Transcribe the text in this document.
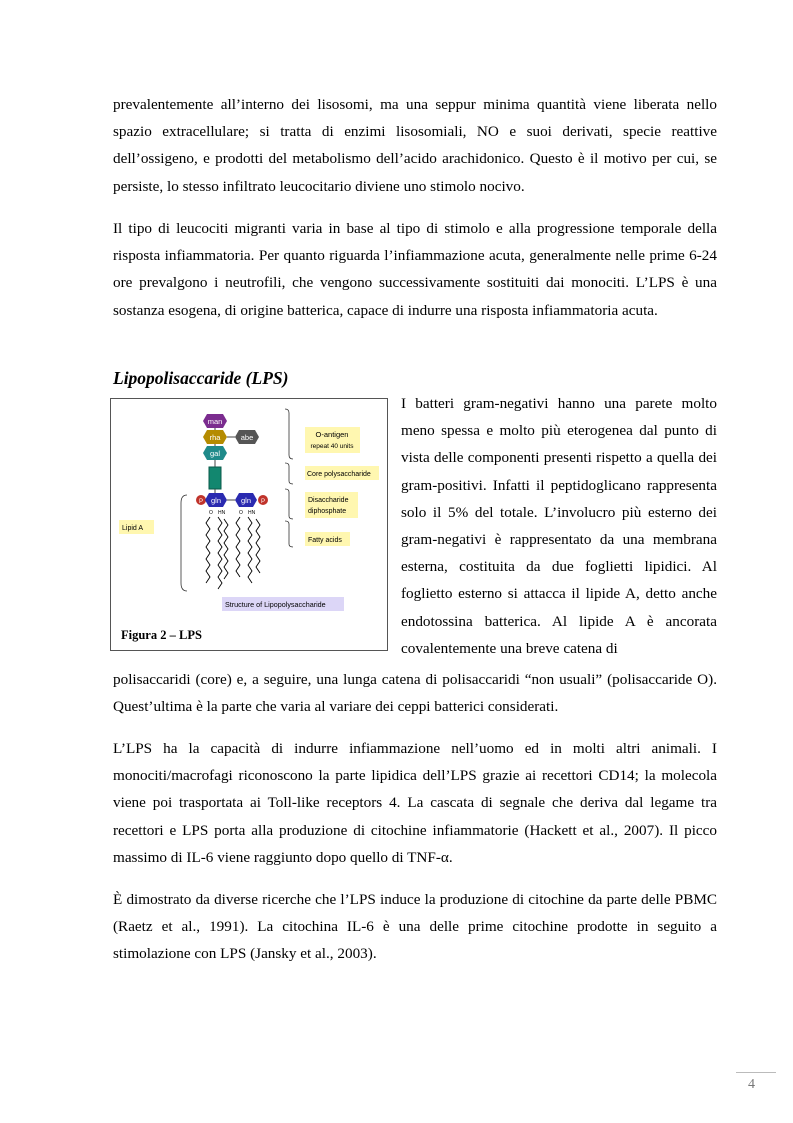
prevalentemente all’interno dei lisosomi, ma una seppur minima quantità viene liberata nello spazio extracellulare; si tratta di enzimi lisosomiali, NO e suoi derivati, specie reattive dell’ossigeno, e prodotti del metabolismo dell’acido arachidonico. Questo è il motivo per cui, se persiste, lo stesso infiltrato leucocitario diviene uno stimolo nocivo.

Il tipo di leucociti migranti varia in base al tipo di stimolo e alla progressione temporale della risposta infiammatoria. Per quanto riguarda l’infiammazione acuta, generalmente nelle prime 6-24 ore prevalgono i neutrofili, che vengono successivamente sostituiti dai monociti. L’LPS è una sostanza esogena, di origine batterica, capace di indurre una risposta infiammatoria acuta.

Lipopolisaccaride (LPS)
man
rha	abe
gal
P gln	gln P
O HN	O HN
O-antigen
repeat 40 units
Core polysaccharide
Disaccharide
diphosphate
Fatty acids
Lipid A
Structure of Lipopolysaccharide
Figura 2 – LPS

I batteri gram-negativi hanno una parete molto meno spessa e molto più eterogenea dal punto di vista delle componenti presenti rispetto a quella dei gram-positivi. Infatti il peptidoglicano rappresenta solo il 5% del totale. L’involucro più esterno dei gram-negativi è rappresentato da una membrana esterna, costituita da due foglietti lipidici. Al foglietto esterno si attacca il lipide A, detto anche endotossina batterica. Al lipide A è ancorata covalentemente una breve catena di

polisaccaridi (core) e, a seguire, una lunga catena di polisaccaridi “non usuali” (polisaccaride O). Quest’ultima è la parte che varia al variare dei ceppi batterici considerati.

L’LPS ha la capacità di indurre infiammazione nell’uomo ed in molti altri animali. I monociti/macrofagi riconoscono la parte lipidica dell’LPS grazie ai recettori CD14; la molecola viene poi trasportata ai Toll-like receptors 4. La cascata di segnale che deriva dal legame tra recettori e LPS porta alla produzione di citochine infiammatorie (Hackett et al., 2007). Il picco massimo di IL-6 viene raggiunto dopo quello di TNF-α.

È dimostrato da diverse ricerche che l’LPS induce la produzione di citochine da parte delle PBMC (Raetz et al., 1991). La citochina IL-6 è una delle prime citochine prodotte in seguito a stimolazione con LPS (Jansky et al., 2003).

4
